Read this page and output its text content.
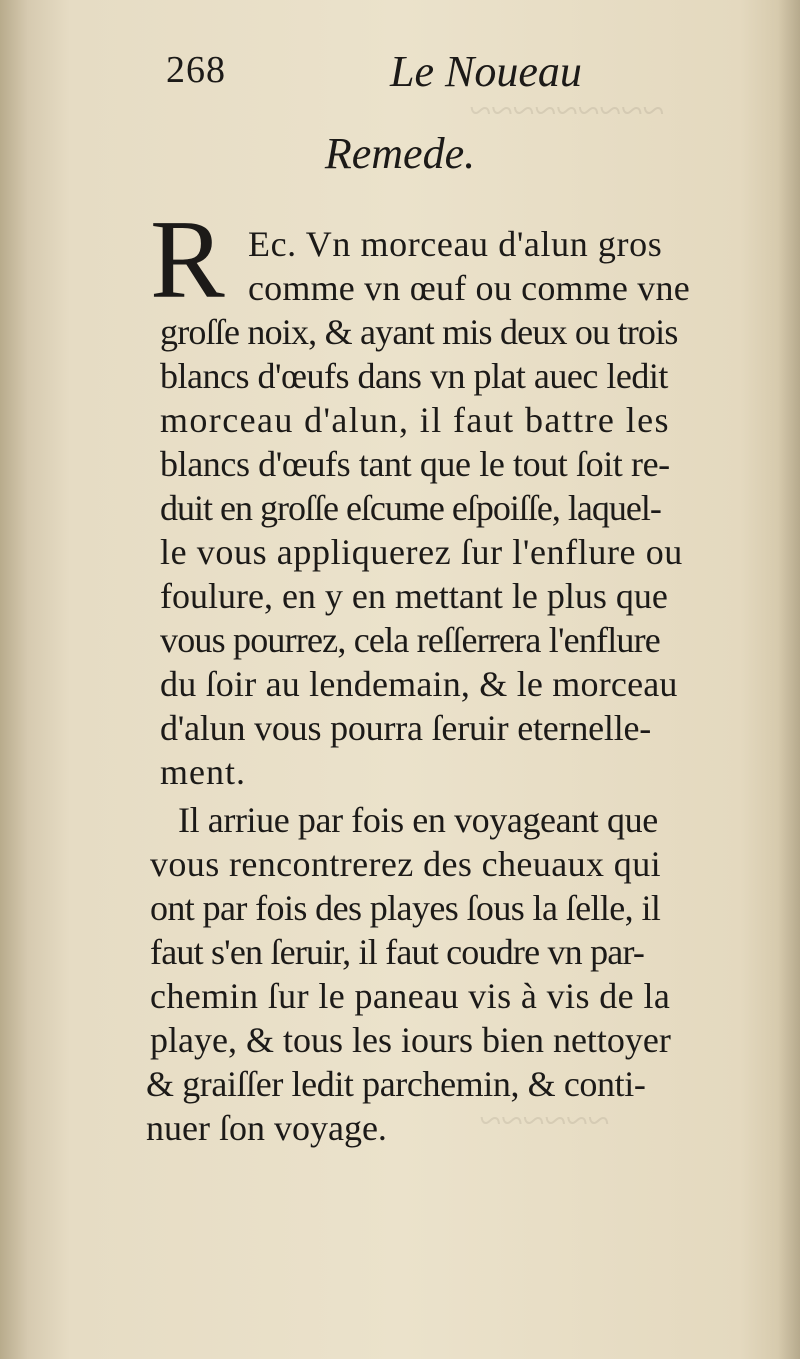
~~~~~~~~~
~~~~~~
268	Le Noueau
Remede.
R Ec. Vn morceau d'alun gros
comme vn œuf ou comme vne
groſſe noix, & ayant mis deux ou trois
blancs d'œufs dans vn plat auec ledit
morceau d'alun, il faut battre les
blancs d'œufs tant que le tout ſoit re-
duit en groſſe eſcume eſpoiſſe, laquel-
le vous appliquerez ſur l'enflure ou
foulure, en y en mettant le plus que
vous pourrez, cela reſſerrera l'enflure
du ſoir au lendemain, & le morceau
d'alun vous pourra ſeruir eternelle-
ment.
Il arriue par fois en voyageant que
vous rencontrerez des cheuaux qui
ont par fois des playes ſous la ſelle, il
faut s'en ſeruir, il faut coudre vn par-
chemin ſur le paneau vis à vis de la
playe, & tous les iours bien nettoyer
& graiſſer ledit parchemin, & conti-
nuer ſon voyage.
